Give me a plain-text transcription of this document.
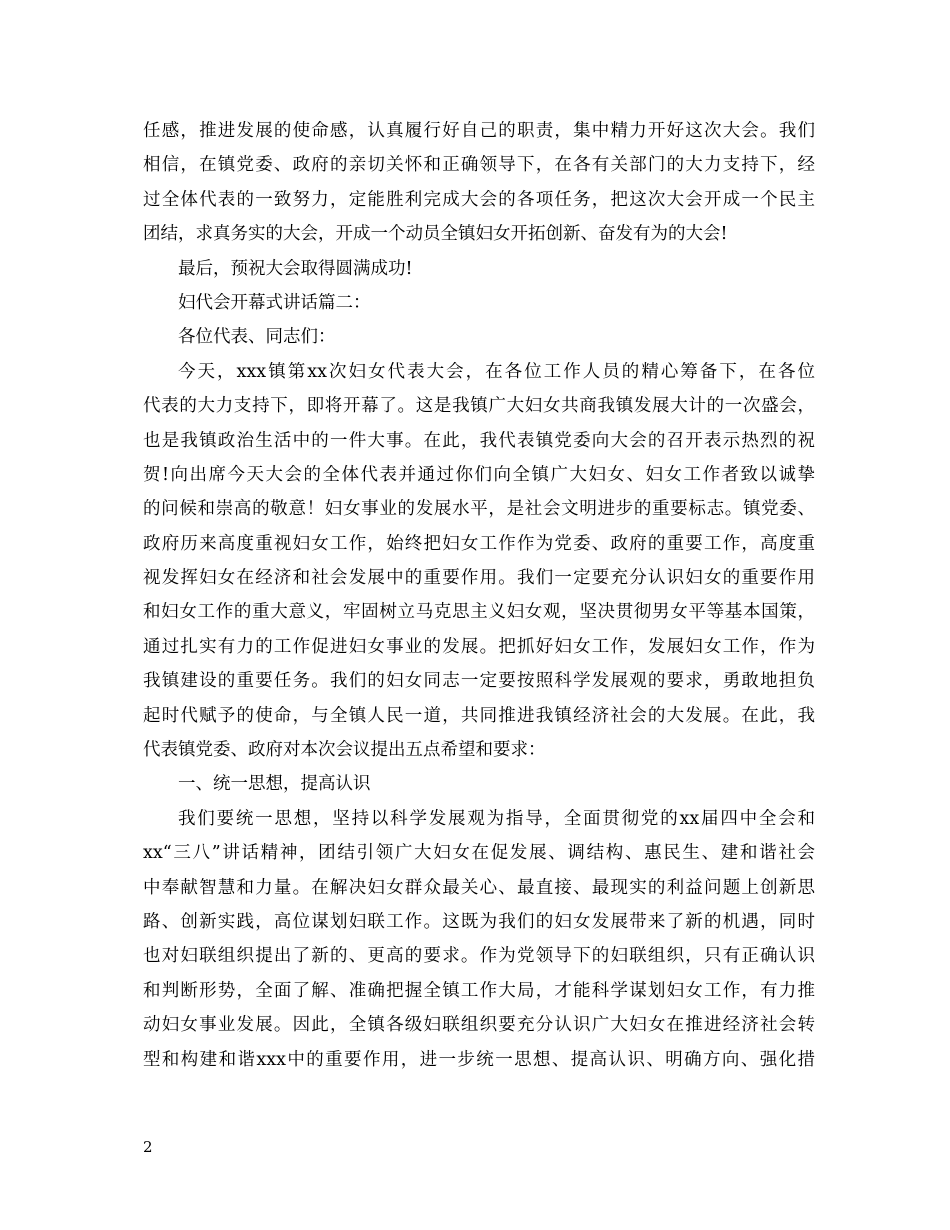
任感，推进发展的使命感，认真履行好自己的职责，集中精力开好这次大会。我们
相信，在镇党委、政府的亲切关怀和正确领导下，在各有关部门的大力支持下，经
过全体代表的一致努力，定能胜利完成大会的各项任务，把这次大会开成一个民主
团结，求真务实的大会，开成一个动员全镇妇女开拓创新、奋发有为的大会!
最后，预祝大会取得圆满成功!
妇代会开幕式讲话篇二：
各位代表、同志们：
今天，xxx镇第xx次妇女代表大会，在各位工作人员的精心筹备下，在各位
代表的大力支持下，即将开幕了。这是我镇广大妇女共商我镇发展大计的一次盛会，
也是我镇政治生活中的一件大事。在此，我代表镇党委向大会的召开表示热烈的祝
贺!向出席今天大会的全体代表并通过你们向全镇广大妇女、妇女工作者致以诚挚
的问候和崇高的敬意！妇女事业的发展水平，是社会文明进步的重要标志。镇党委、
政府历来高度重视妇女工作，始终把妇女工作作为党委、政府的重要工作，高度重
视发挥妇女在经济和社会发展中的重要作用。我们一定要充分认识妇女的重要作用
和妇女工作的重大意义，牢固树立马克思主义妇女观，坚决贯彻男女平等基本国策，
通过扎实有力的工作促进妇女事业的发展。把抓好妇女工作，发展妇女工作，作为
我镇建设的重要任务。我们的妇女同志一定要按照科学发展观的要求，勇敢地担负
起时代赋予的使命，与全镇人民一道，共同推进我镇经济社会的大发展。在此，我
代表镇党委、政府对本次会议提出五点希望和要求：
一、统一思想，提高认识
我们要统一思想，坚持以科学发展观为指导，全面贯彻党的xx届四中全会和
xx“三八”讲话精神，团结引领广大妇女在促发展、调结构、惠民生、建和谐社会
中奉献智慧和力量。在解决妇女群众最关心、最直接、最现实的利益问题上创新思
路、创新实践，高位谋划妇联工作。这既为我们的妇女发展带来了新的机遇，同时
也对妇联组织提出了新的、更高的要求。作为党领导下的妇联组织，只有正确认识
和判断形势，全面了解、准确把握全镇工作大局，才能科学谋划妇女工作，有力推
动妇女事业发展。因此，全镇各级妇联组织要充分认识广大妇女在推进经济社会转
型和构建和谐xxx中的重要作用，进一步统一思想、提高认识、明确方向、强化措
2
